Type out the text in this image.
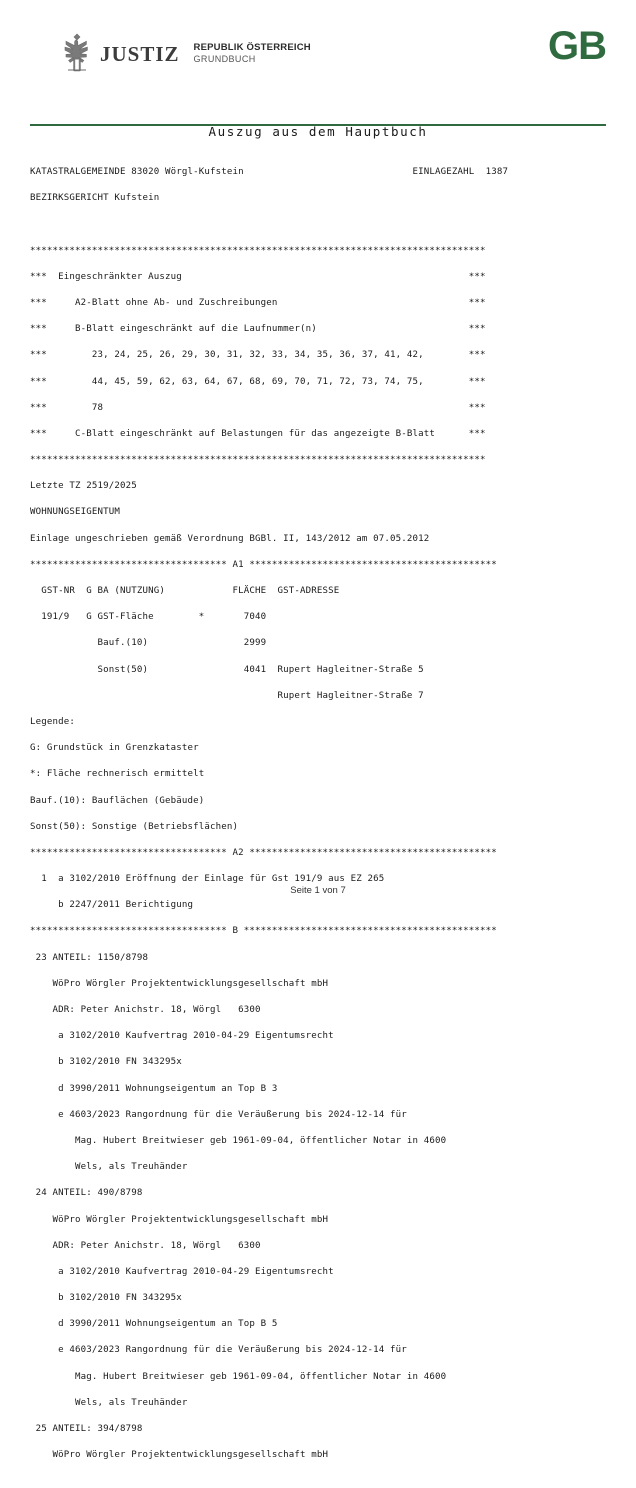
JUSTIZ REPUBLIK ÖSTERREICH
GRUNDBUCH	GB
Auszug aus dem Hauptbuch

KATASTRALGEMEINDE 83020 Wörgl-Kufstein                              EINLAGEZAHL  1387

BEZIRKSGERICHT Kufstein

*********************************************************************************

***  Eingeschränkter Auszug                                                   ***

***     A2-Blatt ohne Ab- und Zuschreibungen                                  ***

***     B-Blatt eingeschränkt auf die Laufnummer(n)                           ***

***        23, 24, 25, 26, 29, 30, 31, 32, 33, 34, 35, 36, 37, 41, 42,        ***

***        44, 45, 59, 62, 63, 64, 67, 68, 69, 70, 71, 72, 73, 74, 75,        ***

***        78                                                                 ***

***     C-Blatt eingeschränkt auf Belastungen für das angezeigte B-Blatt      ***

*********************************************************************************

Letzte TZ 2519/2025

WOHNUNGSEIGENTUM

Einlage ungeschrieben gemäß Verordnung BGBl. II, 143/2012 am 07.05.2012

*********************************** A1 ********************************************

GST-NR  G BA (NUTZUNG)            FLÄCHE  GST-ADRESSE

191/9   G GST-Fläche        *       7040

Bauf.(10)                 2999

Sonst(50)                 4041  Rupert Hagleitner-Straße 5

Rupert Hagleitner-Straße 7

Legende:

G: Grundstück in Grenzkataster

*: Fläche rechnerisch ermittelt

Bauf.(10): Bauflächen (Gebäude)

Sonst(50): Sonstige (Betriebsflächen)

*********************************** A2 ********************************************

1  a 3102/2010 Eröffnung der Einlage für Gst 191/9 aus EZ 265

b 2247/2011 Berichtigung

*********************************** B *********************************************

23 ANTEIL: 1150/8798

WöPro Wörgler Projektentwicklungsgesellschaft mbH

ADR: Peter Anichstr. 18, Wörgl   6300

a 3102/2010 Kaufvertrag 2010-04-29 Eigentumsrecht

b 3102/2010 FN 343295x

d 3990/2011 Wohnungseigentum an Top B 3

e 4603/2023 Rangordnung für die Veräußerung bis 2024-12-14 für

Mag. Hubert Breitwieser geb 1961-09-04, öffentlicher Notar in 4600

Wels, als Treuhänder

24 ANTEIL: 490/8798

WöPro Wörgler Projektentwicklungsgesellschaft mbH

ADR: Peter Anichstr. 18, Wörgl   6300

a 3102/2010 Kaufvertrag 2010-04-29 Eigentumsrecht

b 3102/2010 FN 343295x

d 3990/2011 Wohnungseigentum an Top B 5

e 4603/2023 Rangordnung für die Veräußerung bis 2024-12-14 für

Mag. Hubert Breitwieser geb 1961-09-04, öffentlicher Notar in 4600

Wels, als Treuhänder

25 ANTEIL: 394/8798

WöPro Wörgler Projektentwicklungsgesellschaft mbH

Seite 1 von 7
